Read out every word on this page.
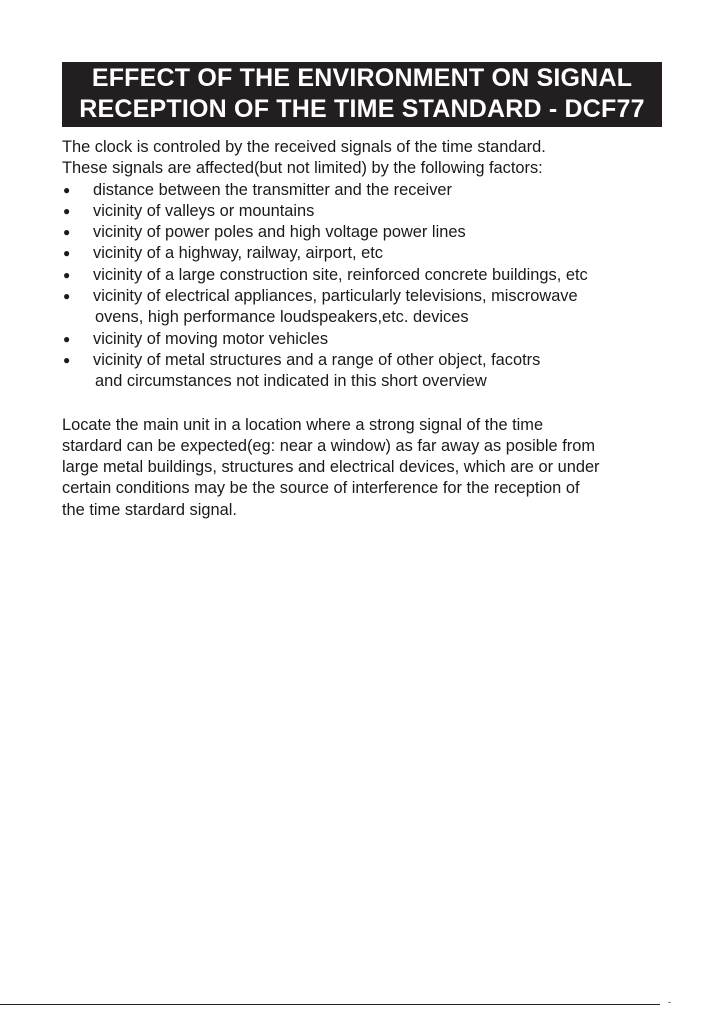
EFFECT OF THE ENVIRONMENT ON SIGNAL
RECEPTION OF THE TIME STANDARD - DCF77
The clock is controled by the received signals of the time standard.
These signals are affected(but not limited) by the following factors:
● distance between the transmitter and the receiver
● vicinity of valleys or mountains
● vicinity of power poles and high voltage power lines
● vicinity of a highway, railway, airport, etc
● vicinity of a large construction site, reinforced concrete buildings, etc
● vicinity of electrical appliances, particularly televisions, miscrowave
ovens, high performance loudspeakers,etc. devices
● vicinity of moving motor vehicles
● vicinity of metal structures and a range of other object, facotrs
and circumstances not indicated in this short overview
Locate the main unit in a location where a strong signal of the time
stardard can be expected(eg: near a window) as far away as posible from
large metal buildings, structures and electrical devices, which are or under
certain conditions may be the source of interference for the reception of
the time stardard signal.
-
